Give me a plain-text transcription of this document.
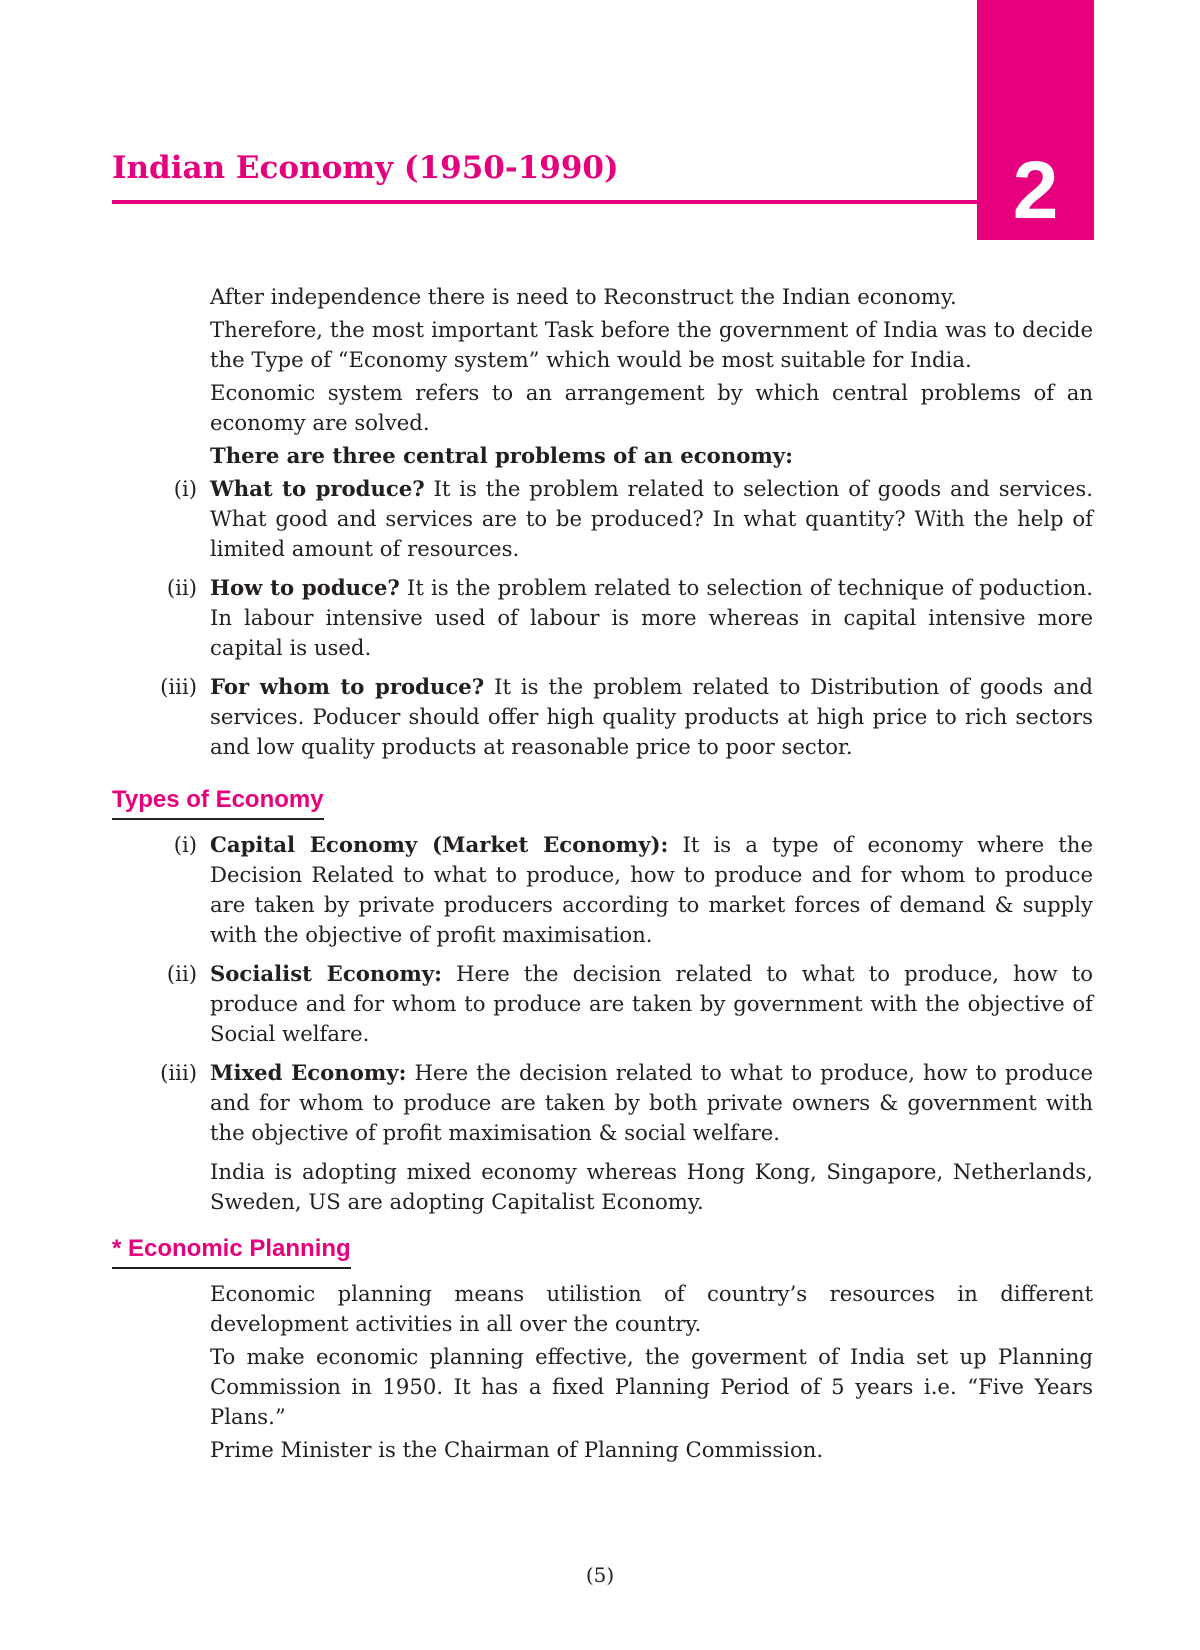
2
Indian Economy (1950-1990)

After independence there is need to Reconstruct the Indian economy.

Therefore, the most important Task before the government of India was to decide the Type of “Economy system” which would be most suitable for India.

Economic system refers to an arrangement by which central problems of an economy are solved.

There are three central problems of an economy:

(i) What to produce? It is the problem related to selection of goods and services. What good and services are to be produced? In what quantity? With the help of limited amount of resources.
(ii) How to poduce? It is the problem related to selection of technique of poduction. In labour intensive used of labour is more whereas in capital intensive more capital is used.
(iii) For whom to produce? It is the problem related to Distribution of goods and services. Poducer should offer high quality products at high price to rich sectors and low quality products at reasonable price to poor sector.
Types of Economy
(i) Capital Economy (Market Economy): It is a type of economy where the Decision Related to what to produce, how to produce and for whom to produce are taken by private producers according to market forces of demand & supply with the objective of profit maximisation.
(ii) Socialist Economy: Here the decision related to what to produce, how to produce and for whom to produce are taken by government with the objective of Social welfare.
(iii) Mixed Economy: Here the decision related to what to produce, how to produce and for whom to produce are taken by both private owners & government with the objective of profit maximisation & social welfare.

India is adopting mixed economy whereas Hong Kong, Singapore, Netherlands, Sweden, US are adopting Capitalist Economy.

* Economic Planning

Economic planning means utilistion of country’s resources in different development activities in all over the country.

To make economic planning effective, the goverment of India set up Planning Commission in 1950. It has a fixed Planning Period of 5 years i.e. “Five Years Plans.”

Prime Minister is the Chairman of Planning Commission.

(5)
